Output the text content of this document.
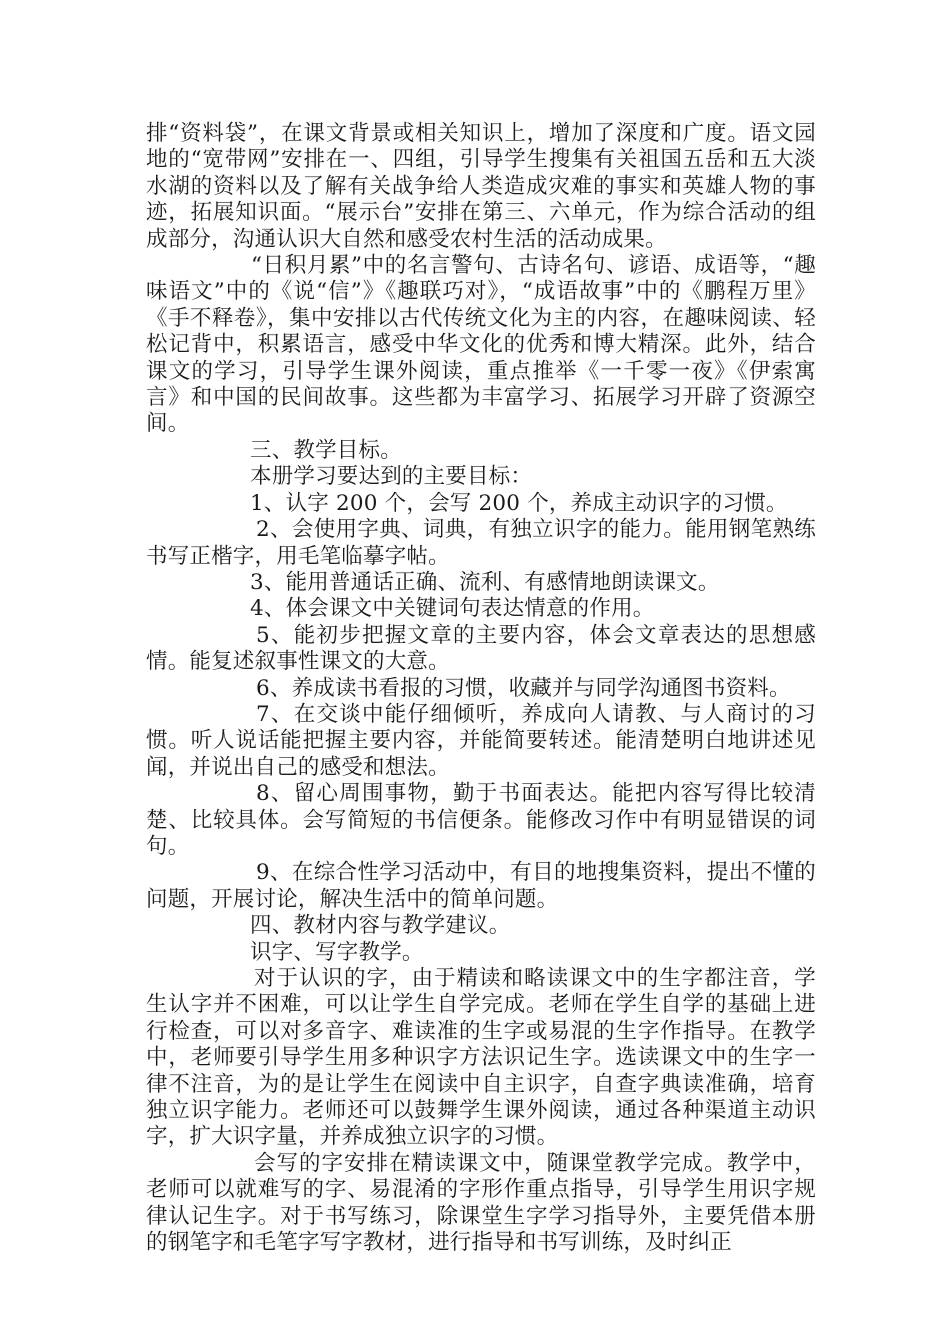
排“资料袋”，在课文背景或相关知识上，增加了深度和广度。语文园地的“宽带网”安排在一、四组，引导学生搜集有关祖国五岳和五大淡水湖的资料以及了解有关战争给人类造成灾难的事实和英雄人物的事迹，拓展知识面。“展示台”安排在第三、六单元，作为综合活动的组成部分，沟通认识大自然和感受农村生活的活动成果。

“日积月累”中的名言警句、古诗名句、谚语、成语等，“趣味语文”中的《说“信”》《趣联巧对》，“成语故事”中的《鹏程万里》《手不释卷》，集中安排以古代传统文化为主的内容，在趣味阅读、轻松记背中，积累语言，感受中华文化的优秀和博大精深。此外，结合课文的学习，引导学生课外阅读，重点推举《一千零一夜》《伊索寓言》和中国的民间故事。这些都为丰富学习、拓展学习开辟了资源空间。

三、教学目标。

本册学习要达到的主要目标：

1、认字 200 个，会写 200 个，养成主动识字的习惯。

2、会使用字典、词典，有独立识字的能力。能用钢笔熟练书写正楷字，用毛笔临摹字帖。

3、能用普通话正确、流利、有感情地朗读课文。

4、体会课文中关键词句表达情意的作用。

5、能初步把握文章的主要内容，体会文章表达的思想感情。能复述叙事性课文的大意。

6、养成读书看报的习惯，收藏并与同学沟通图书资料。

7、在交谈中能仔细倾听，养成向人请教、与人商讨的习惯。听人说话能把握主要内容，并能简要转述。能清楚明白地讲述见闻，并说出自己的感受和想法。

8、留心周围事物，勤于书面表达。能把内容写得比较清楚、比较具体。会写简短的书信便条。能修改习作中有明显错误的词句。

9、在综合性学习活动中，有目的地搜集资料，提出不懂的问题，开展讨论，解决生活中的简单问题。

四、教材内容与教学建议。

识字、写字教学。

对于认识的字，由于精读和略读课文中的生字都注音，学生认字并不困难，可以让学生自学完成。老师在学生自学的基础上进行检查，可以对多音字、难读准的生字或易混的生字作指导。在教学中，老师要引导学生用多种识字方法识记生字。选读课文中的生字一律不注音，为的是让学生在阅读中自主识字，自查字典读准确，培育独立识字能力。老师还可以鼓舞学生课外阅读，通过各种渠道主动识字，扩大识字量，并养成独立识字的习惯。

会写的字安排在精读课文中，随课堂教学完成。教学中，老师可以就难写的字、易混淆的字形作重点指导，引导学生用识字规律认记生字。对于书写练习，除课堂生字学习指导外，主要凭借本册的钢笔字和毛笔字写字教材，进行指导和书写训练，及时纠正
